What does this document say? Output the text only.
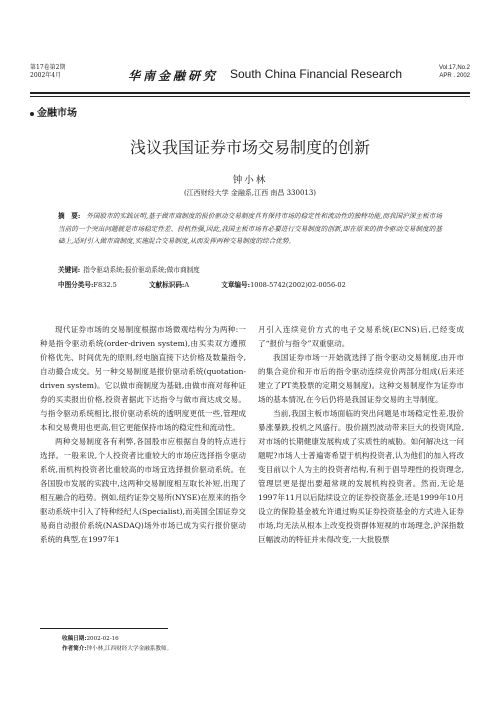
第17卷第2期
2002年4月	华南金融研究 South China Financial Research	Vol.17,No.2
APR . 2002
金融市场
浅议我国证券市场交易制度的创新
钟小林
(江西财经大学 金融系,江西 南昌 330013)
摘　要: 外国股市的实践证明,基于做市商制度的报价驱动交易制度具有保持市场的稳定性和流动性的独特功能,而我国沪深主板市场当前的一个突出问题就是市场稳定性差、投机性强,因此,我国主板市场有必要进行交易制度的创新,即在原来的指令驱动交易制度的基础上,适时引入做市商制度,实施混合交易制度,从而发挥两种交易制度的综合优势。
关键词: 指令驱动系统;报价驱动系统;做市商制度
中图分类号:F832.5	文献标识码:A	文章编号:1008-5742(2002)02-0056-02

现代证券市场的交易制度根据市场微观结构分为两种:一种是指令驱动系统(order-driven system),由买卖双方遵照价格优先、时间优先的原则,经电脑直接下达价格及数量指令,自动撮合成交。另一种交易制度是报价驱动系统(quotation-driven system)。它以做市商制度为基础,由做市商对每种证券的买卖报出价格,投资者据此下达指令与做市商达成交易。与指令驱动系统相比,报价驱动系统的透明度更低一些,管理成本和交易费用也更高,但它更能保持市场的稳定性和流动性。

两种交易制度各有利弊,各国股市应根据自身的特点进行选择。一般来说,个人投资者比重较大的市场应选择指令驱动系统,而机构投资者比重较高的市场宜选择报价驱动系统。在各国股市发展的实践中,这两种交易制度相互取长补短,出现了相互融合的趋势。例如,纽约证券交易所(NYSE)在原来的指令驱动系统中引入了特种经纪人(Specialist),而美国全国证券交易商自动报价系统(NASDAQ)场外市场已成为实行报价驱动系统的典型,在1997年1

月引入连续竞价方式的电子交易系统(ECNS)后,已经变成了“报价与指令”双重驱动。

我国证券市场一开始就选择了指令驱动交易制度,由开市的集合竞价和开市后的指令驱动连续竞价两部分组成(后来还建立了PT类股票的定期交易制度)。这种交易制度作为证券市场的基本情况,在今后仍将是我国证券交易的主导制度。

当前,我国主板市场面临的突出问题是市场稳定性差,股价暴涨暴跌,投机之风盛行。股价剧烈波动带来巨大的投资风险,对市场的长期健康发展构成了实质性的威胁。如何解决这一问题呢?市场人士普遍寄希望于机构投资者,认为他们的加入将改变目前以个人为主的投资者结构,有利于倡导理性的投资理念,管理层更是提出要超常规的发展机构投资者。然而,无论是1997年11月以后陆续设立的证券投资基金,还是1999年10月设立的保险基金被允许通过购买证券投资基金的方式进入证券市场,均无法从根本上改变投资群体短视的市场理念,沪深指数巨幅波动的特征并未得改变,一大批股票

收稿日期:2002-02-16
作者简介:钟小林,江西财经大学金融系教师。
